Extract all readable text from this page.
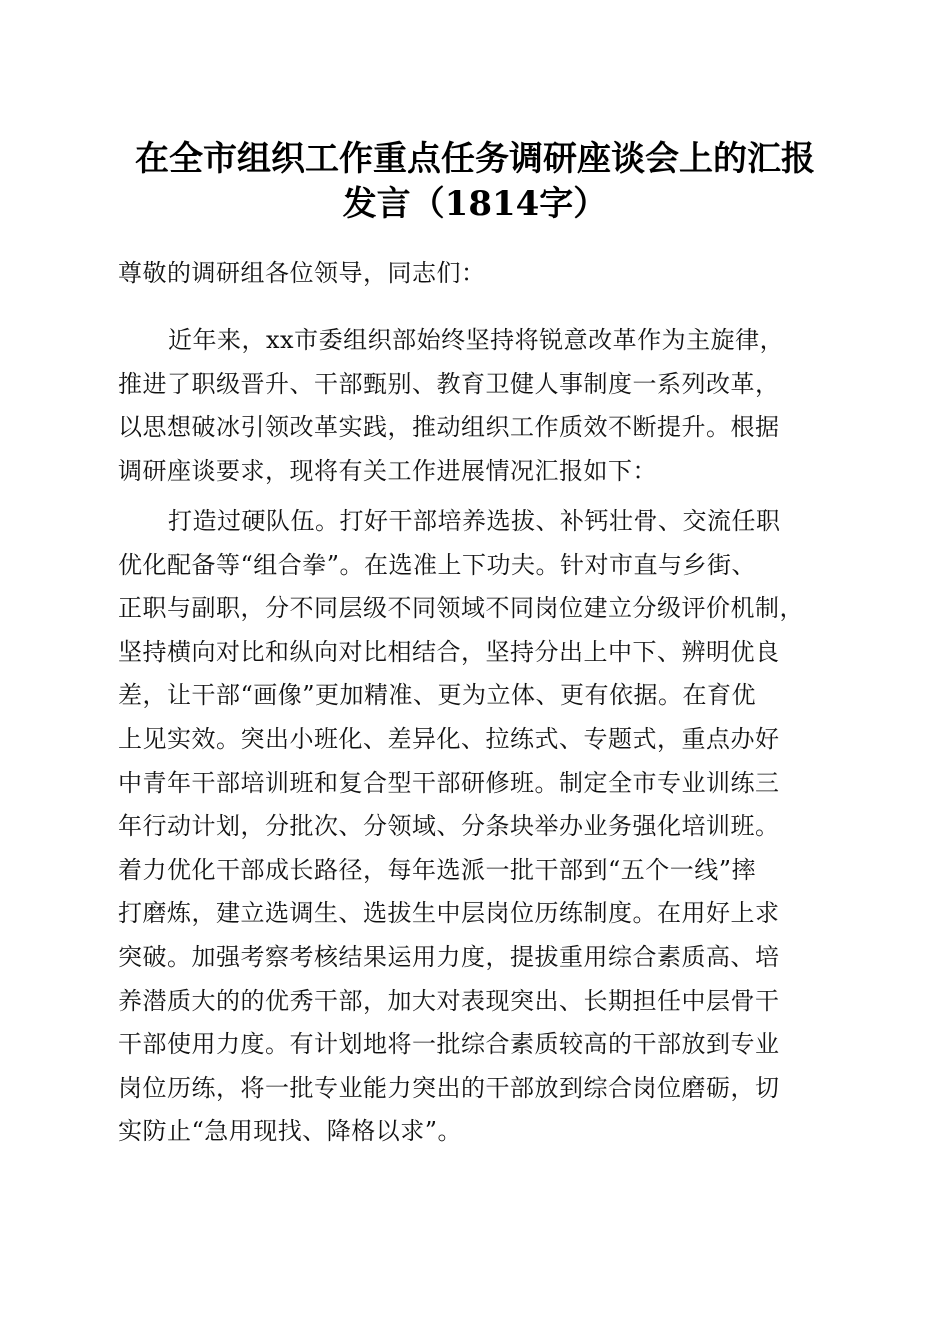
在全市组织工作重点任务调研座谈会上的汇报
发言（1814字）

尊敬的调研组各位领导，同志们：

近年来，xx市委组织部始终坚持将锐意改革作为主旋律，
推进了职级晋升、干部甄别、教育卫健人事制度一系列改革，
以思想破冰引领改革实践，推动组织工作质效不断提升。根据
调研座谈要求，现将有关工作进展情况汇报如下：
打造过硬队伍。打好干部培养选拔、补钙壮骨、交流任职
优化配备等“组合拳”。在选准上下功夫。针对市直与乡街、
正职与副职，分不同层级不同领域不同岗位建立分级评价机制，
坚持横向对比和纵向对比相结合，坚持分出上中下、辨明优良
差，让干部“画像”更加精准、更为立体、更有依据。在育优
上见实效。突出小班化、差异化、拉练式、专题式，重点办好
中青年干部培训班和复合型干部研修班。制定全市专业训练三
年行动计划，分批次、分领域、分条块举办业务强化培训班。
着力优化干部成长路径，每年选派一批干部到“五个一线”摔
打磨炼，建立选调生、选拔生中层岗位历练制度。在用好上求
突破。加强考察考核结果运用力度，提拔重用综合素质高、培
养潜质大的的优秀干部，加大对表现突出、长期担任中层骨干
干部使用力度。有计划地将一批综合素质较高的干部放到专业
岗位历练，将一批专业能力突出的干部放到综合岗位磨砺，切
实防止“急用现找、降格以求”。
